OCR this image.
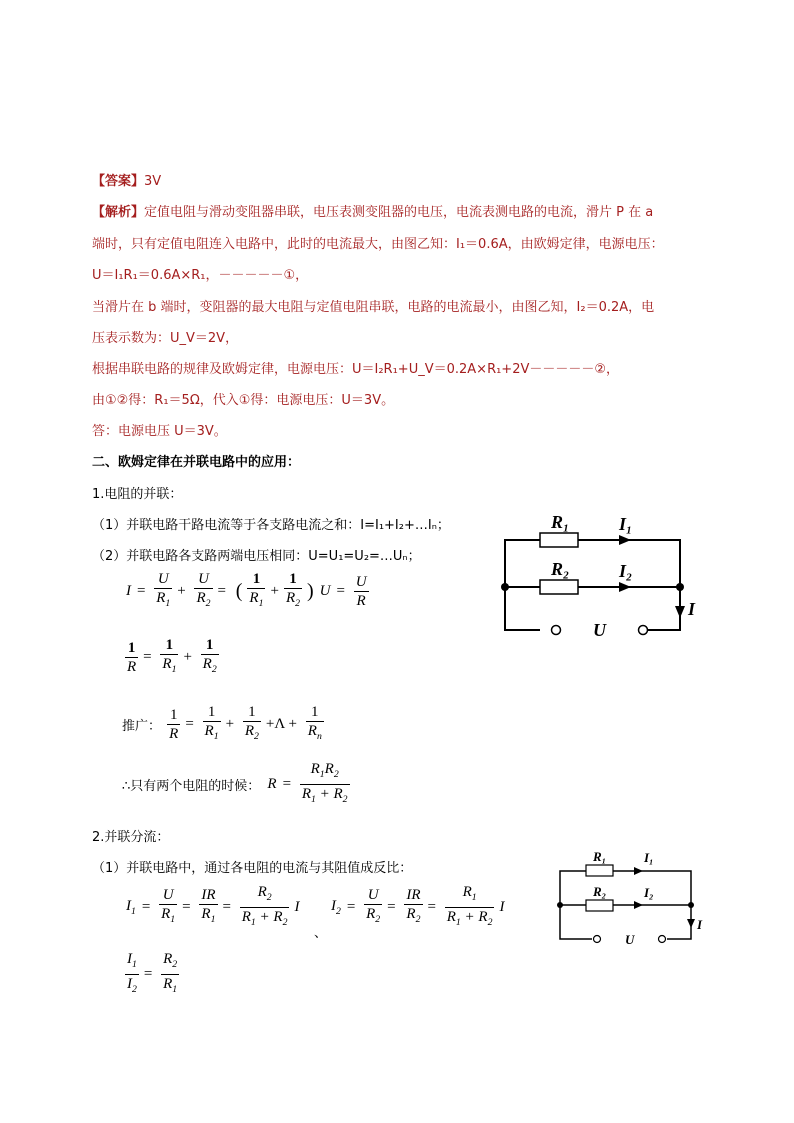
【答案】3V
【解析】定值电阻与滑动变阻器串联，电压表测变阻器的电压，电流表测电路的电流，滑片 P 在 a
端时，只有定值电阻连入电路中，此时的电流最大，由图乙知：I₁＝0.6A，由欧姆定律，电源电压：
U＝I₁R₁＝0.6A×R₁，－－－－－①，
当滑片在 b 端时，变阻器的最大电阻与定值电阻串联，电路的电流最小，由图乙知，I₂＝0.2A，电
压表示数为：U_V＝2V，
根据串联电路的规律及欧姆定律，电源电压：U＝I₂R₁+U_V＝0.2A×R₁+2V－－－－－②，
由①②得：R₁＝5Ω，代入①得：电源电压：U＝3V。
答：电源电压 U＝3V。
二、欧姆定律在并联电路中的应用：
1.电阻的并联：
（1）并联电路干路电流等于各支路电流之和：I=I₁+I₂+…Iₙ；
（2）并联电路各支路两端电压相同：U=U₁=U₂=…Uₙ；
$I = \frac{U}{R_1} + \frac{U}{R_2}$ = ( $\frac{1}{R_1} + \frac{1}{R_2}$ ) $U = \frac{U}{R}$
$\frac{1}{R} = \frac{1}{R_1} + \frac{1}{R_2}$
推广： $\frac{1}{R} = \frac{1}{R_1} + \frac{1}{R_2} +\Lambda + \frac{1}{R_n}$
∴只有两个电阻的时候： $R = \frac{R_1R_2}{R_1 + R_2}$
2.并联分流：
（1）并联电路中，通过各电阻的电流与其阻值成反比：
$I_1 = \frac{U}{R_1} = \frac{IR}{R_1} = \frac{R_2}{R_1 + R_2}$ I
、
$I_2 = \frac{U}{R_2} = \frac{IR}{R_2} = \frac{R_1}{R_1 + R_2}$ I
$\frac{I_1}{I_2} = \frac{R_2}{R_1}$
R₁
R₂
I₁
I₂
I
U
R₁
R₂
I₁
I₂
I
U
